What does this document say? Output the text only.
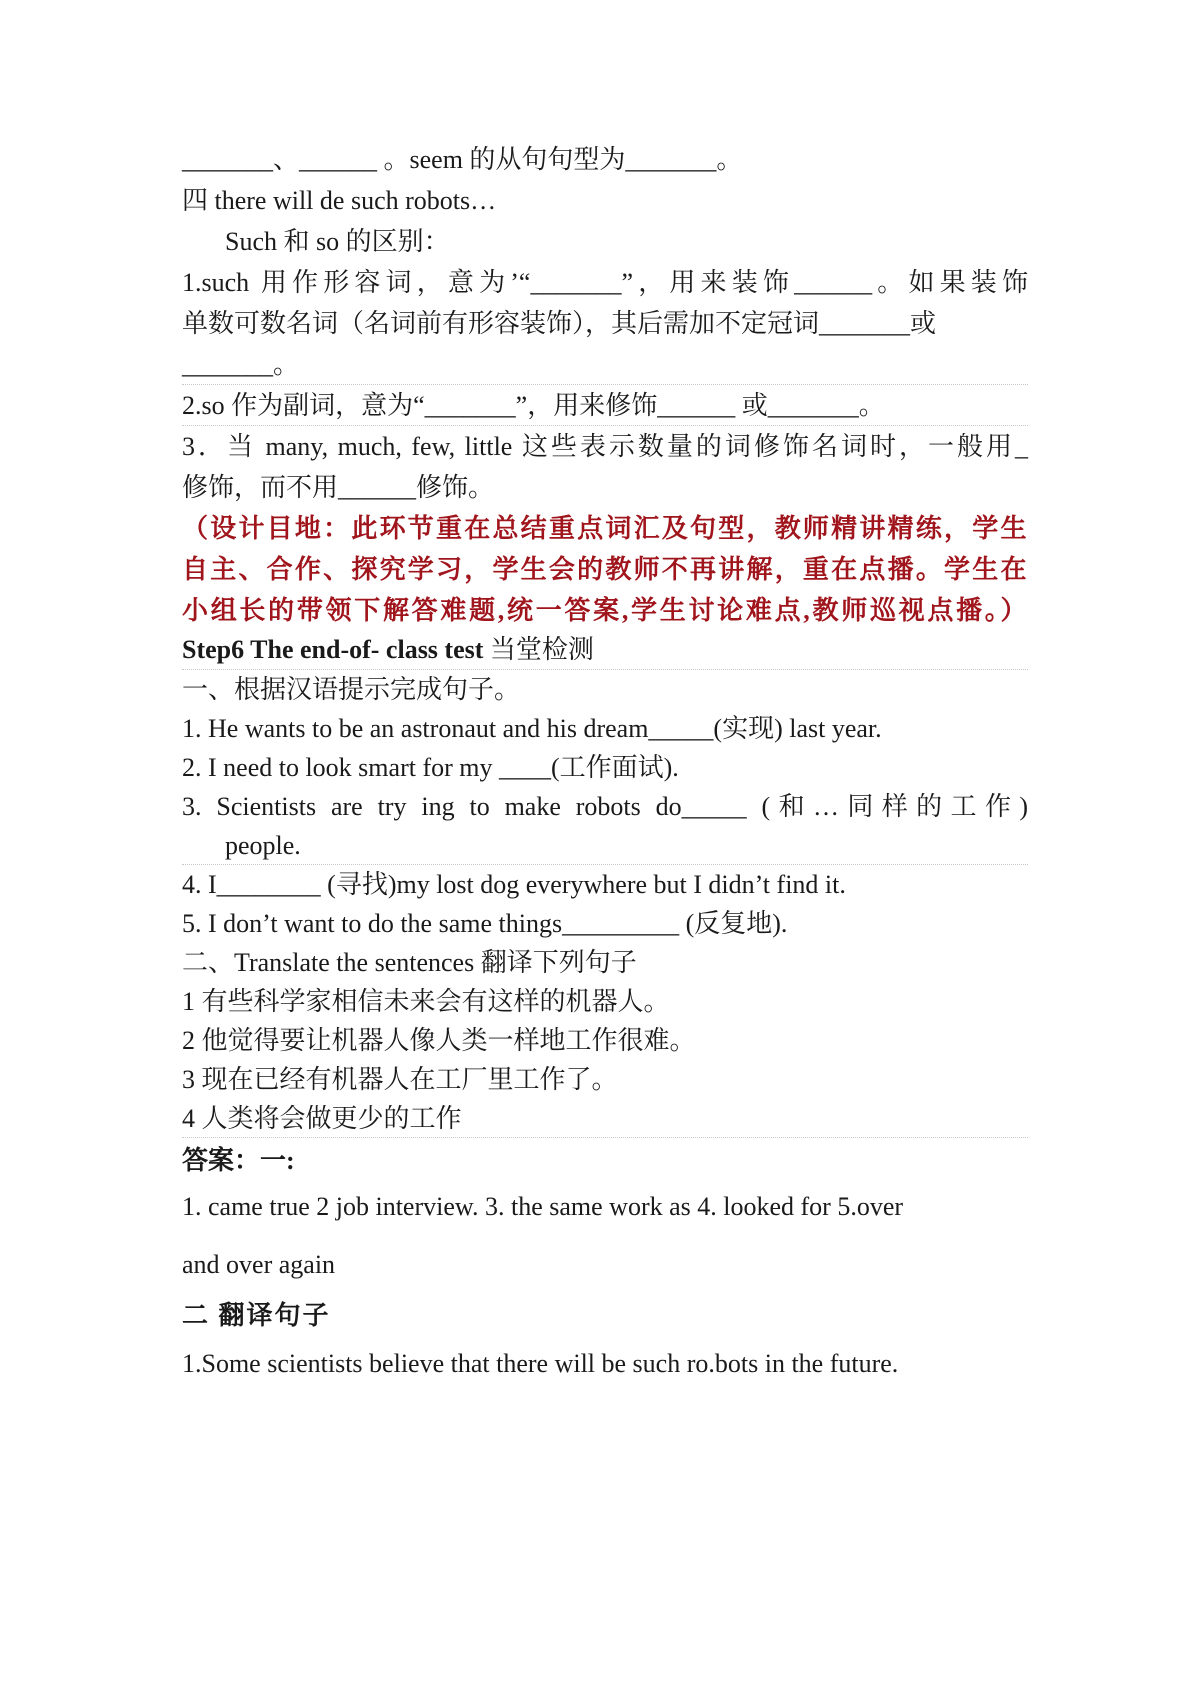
_______、______ 。seem 的从句句型为_______。
四 there will de such robots…
Such 和 so 的区别：
1.such 用作形容词，意为’“_______”，用来装饰______。如果装饰
单数可数名词（名词前有形容装饰），其后需加不定冠词_______或
_______。
2.so 作为副词，意为“_______”，用来修饰______ 或_______。
3．当 many, much, few, little 这些表示数量的词修饰名词时，一般用_
修饰，而不用______修饰。
（设计目地：此环节重在总结重点词汇及句型，教师精讲精练，学生
自主、合作、探究学习，学生会的教师不再讲解，重在点播。学生在
小组长的带领下解答难题,统一答案,学生讨论难点,教师巡视点播。）
Step6 The end-of- class test 当堂检测
一、根据汉语提示完成句子。
1. He wants to be an astronaut and his dream_____(实现) last year.
2. I need to look smart for my ____(工作面试).
3. Scientists are try ing to make robots do_____ (和…同样的工作)
people.
4. I________ (寻找)my lost dog everywhere but I didn’t find it.
5. I don’t want to do the same things_________ (反复地).
二、Translate the sentences 翻译下列句子
1 有些科学家相信未来会有这样的机器人。
2 他觉得要让机器人像人类一样地工作很难。
3 现在已经有机器人在工厂里工作了。
4 人类将会做更少的工作
答案：一:
1. came true 2 job interview. 3. the same work as 4. looked for 5.over
and over again
二 翻译句子
1.Some scientists believe that there will be such ro.bots in the future.
